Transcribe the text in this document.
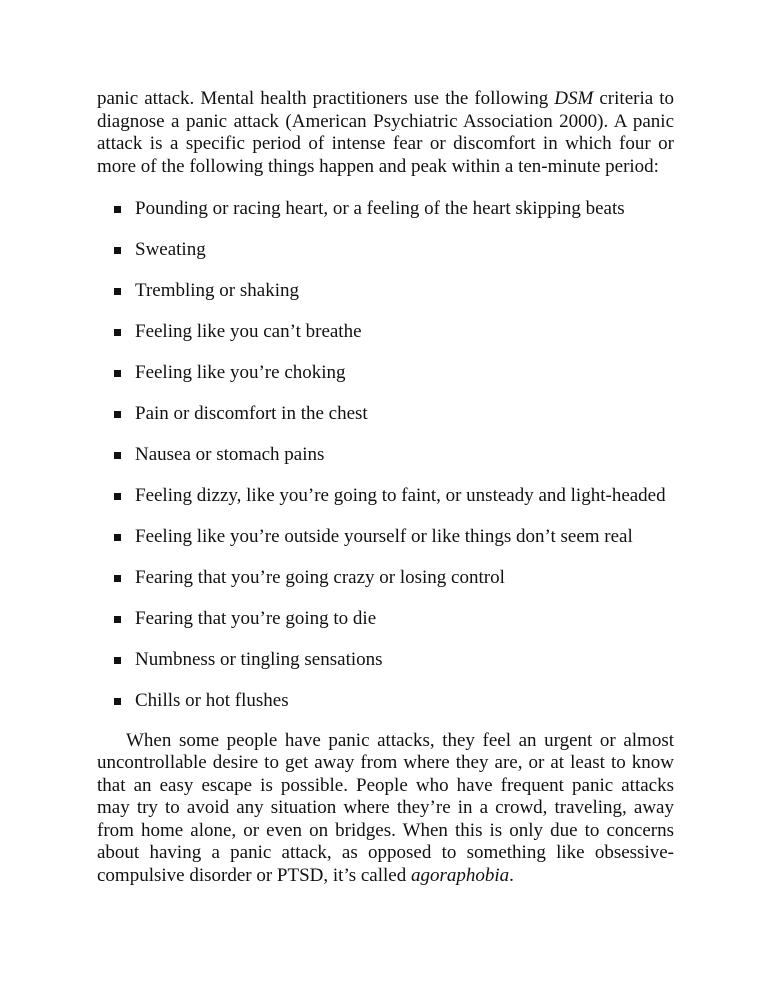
panic attack. Mental health practitioners use the following DSM criteria to diagnose a panic attack (American Psychiatric Association 2000). A panic attack is a specific period of intense fear or discomfort in which four or more of the following things happen and peak within a ten-minute period:

Pounding or racing heart, or a feeling of the heart skipping beats
Sweating
Trembling or shaking
Feeling like you can’t breathe
Feeling like you’re choking
Pain or discomfort in the chest
Nausea or stomach pains
Feeling dizzy, like you’re going to faint, or unsteady and light-headed
Feeling like you’re outside yourself or like things don’t seem real
Fearing that you’re going crazy or losing control
Fearing that you’re going to die
Numbness or tingling sensations
Chills or hot flushes

When some people have panic attacks, they feel an urgent or almost uncontrollable desire to get away from where they are, or at least to know that an easy escape is possible. People who have frequent panic attacks may try to avoid any situation where they’re in a crowd, traveling, away from home alone, or even on bridges. When this is only due to concerns about having a panic attack, as opposed to something like obsessive-compulsive disorder or PTSD, it’s called agoraphobia.
